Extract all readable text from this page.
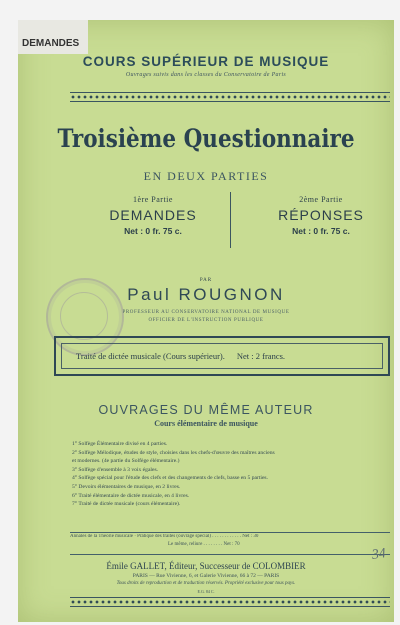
DEMANDES
COURS SUPÉRIEUR DE MUSIQUE
Ouvrages suivis dans les classes du Conservatoire de Paris
Troisième Questionnaire
EN DEUX PARTIES
1ère Partie
DEMANDES
Net : 0 fr. 75 c.
2ème Partie
RÉPONSES
Net : 0 fr. 75 c.
PAR
Paul ROUGNON
PROFESSEUR AU CONSERVATOIRE NATIONAL DE MUSIQUE
OFFICIER DE L'INSTRUCTION PUBLIQUE
Traité de dictée musicale (Cours supérieur). Net : 2 francs.
OUVRAGES DU MÊME AUTEUR
Cours élémentaire de musique
1° Solfège Élémentaire divisé en 4 parties.
2° Solfège Mélodique, études de style, choisies dans les chefs-d'œuvre des maîtres anciens
et modernes. (4e partie du Solfège élémentaire.)
3° Solfège d'ensemble à 3 voix égales.
4° Solfège spécial pour l'étude des clefs et des changements de clefs, basse en 5 parties.
5° Devoirs élémentaires de musique, en 2 livres.
6° Traité élémentaire de dictée musicale, en 4 livres.
7° Traité de dictée musicale (cours élémentaire).
Annales de la Théorie musicale · Pratique des traités (ouvrage spécial) . . . . . . . . . . . . Net : 30
Le même, reliure . . . . . . . . Net : 70
34
Émile GALLET, Éditeur, Successeur de COLOMBIER
PARIS — Rue Vivienne, 6, et Galerie Vivienne, 66 à 72 — PARIS
Tous droits de reproduction et de traduction réservés. Propriété exclusive pour tous pays.
E.G. 84 C.
